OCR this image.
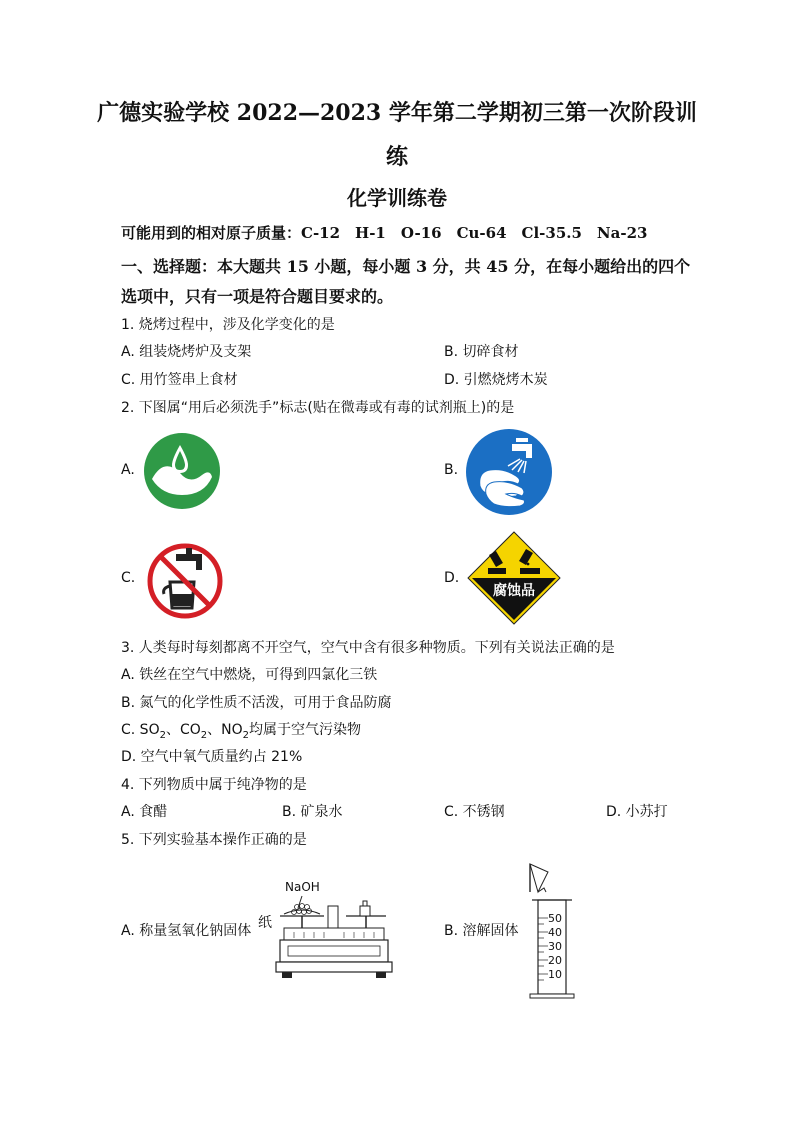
广德实验学校 2022—2023 学年第二学期初三第一次阶段训
练
化学训练卷
可能用到的相对原子质量：C-12　H-1　O-16　Cu-64　Cl-35.5　Na-23
一、选择题：本大题共 15 小题，每小题 3 分，共 45 分，在每小题给出的四个
选项中，只有一项是符合题目要求的。
1. 烧烤过程中，涉及化学变化的是
A. 组装烧烤炉及支架	B. 切碎食材
C. 用竹签串上食材	D. 引燃烧烤木炭
2. 下图属“用后必须洗手”标志(贴在微毒或有毒的试剂瓶上)的是
A.	B.
C.	D.
腐蚀品
3. 人类每时每刻都离不开空气，空气中含有很多种物质。下列有关说法正确的是
A. 铁丝在空气中燃烧，可得到四氯化三铁
B. 氮气的化学性质不活泼，可用于食品防腐
C. $SO_2$、$CO_2$、$NO_2$均属于空气污染物
D. 空气中氧气质量约占 21%
4. 下列物质中属于纯净物的是
A. 食醋	B. 矿泉水	C. 不锈钢	D. 小苏打
5. 下列实验基本操作正确的是
A. 称量氢氧化钠固体	B. 溶解固体
NaOH
纸	50
40
30
20
10
